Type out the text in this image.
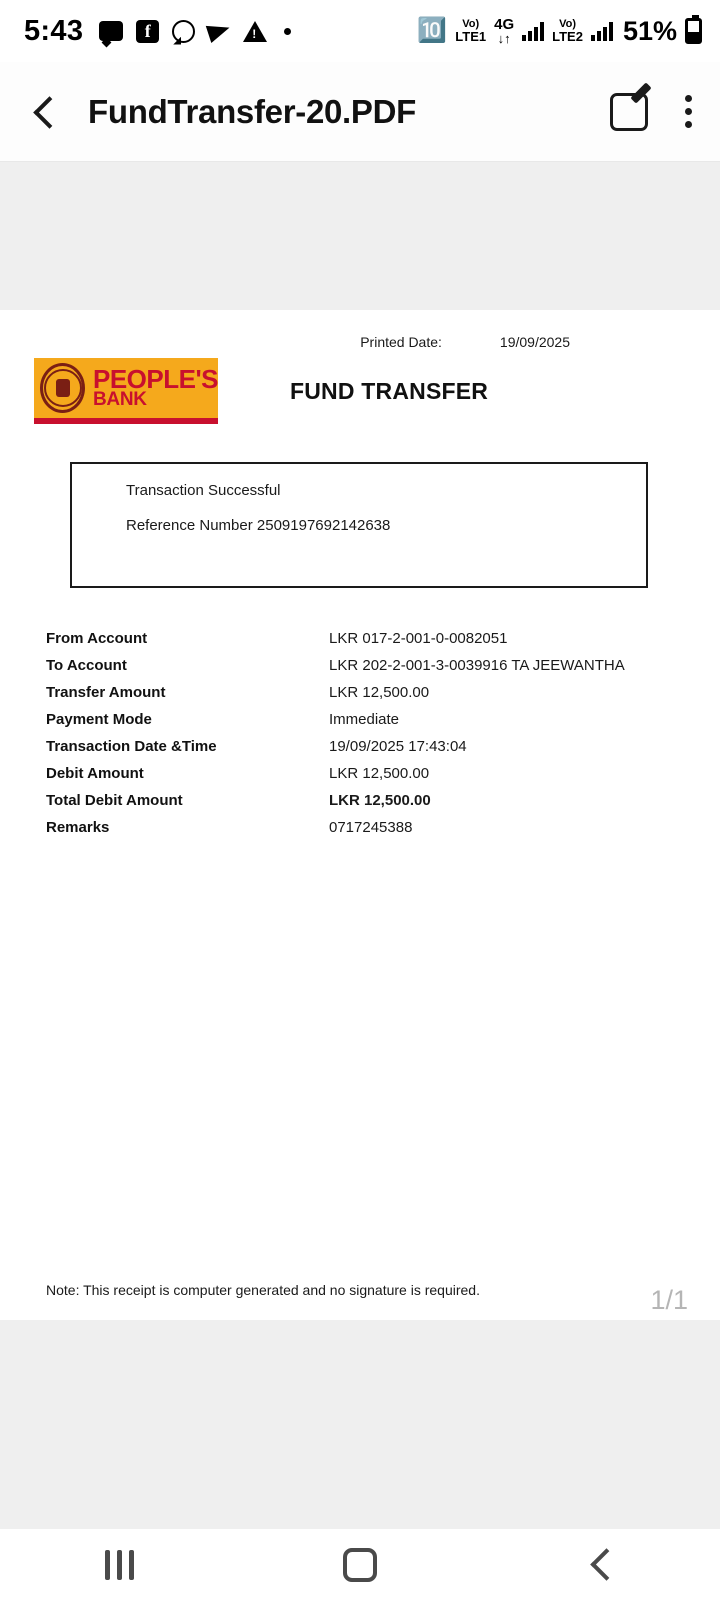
5:43	f !	🔟 Vo)
LTE1
4G
↓↑
Vo)
LTE2 51%
FundTransfer-20.PDF
Printed Date:	19/09/2025
PEOPLE'S
BANK	FUND TRANSFER
Transaction Successful
Reference Number 2509197692142638
From Account	LKR 017-2-001-0-0082051
To Account	LKR 202-2-001-3-0039916 TA JEEWANTHA
Transfer Amount	LKR 12,500.00
Payment Mode	Immediate
Transaction Date &Time	19/09/2025 17:43:04
Debit Amount	LKR 12,500.00
Total Debit Amount	LKR 12,500.00
Remarks	0717245388
Note: This receipt is computer generated and no signature is required.	1/1
